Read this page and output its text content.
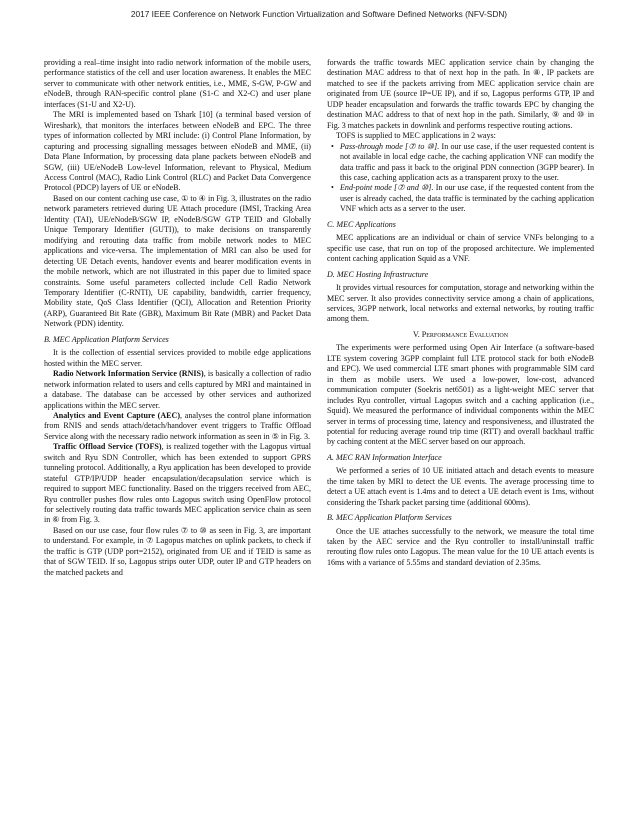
2017 IEEE Conference on Network Function Virtualization and Software Defined Networks (NFV-SDN)

providing a real–time insight into radio network information of the mobile users, performance statistics of the cell and user location awareness. It enables the MEC server to communicate with other network entities, i.e., MME, S-GW, P-GW and eNodeB, through RAN-specific control plane (S1-C and X2-C) and user plane interfaces (S1-U and X2-U).

The MRI is implemented based on Tshark [10] (a terminal based version of Wireshark), that monitors the interfaces between eNodeB and EPC. The three types of information collected by MRI include: (i) Control Plane Information, by capturing and processing signalling messages between eNodeB and MME, (ii) Data Plane Information, by processing data plane packets between eNodeB and SGW, (iii) UE/eNodeB Low-level Information, relevant to Physical, Medium Access Control (MAC), Radio Link Control (RLC) and Packet Data Convergence Protocol (PDCP) layers of UE or eNodeB.

Based on our content caching use case, ① to ④ in Fig. 3, illustrates on the radio network parameters retrieved during UE Attach procedure (IMSI, Tracking Area Identity (TAI), UE/eNodeB/SGW IP, eNodeB/SGW GTP TEID and Globally Unique Temporary Identifier (GUTI)), to make decisions on transparently modifying and rerouting data traffic from mobile network nodes to MEC applications and vice-versa. The implementation of MRI can also be used for detecting UE Detach events, handover events and bearer modification events in the mobile network, which are not illustrated in this paper due to limited space constraints. Some useful parameters collected include Cell Radio Network Temporary Identifier (C-RNTI), UE capability, bandwidth, carrier frequency, Mobility state, QoS Class Identifier (QCI), Allocation and Retention Priority (ARP), Guaranteed Bit Rate (GBR), Maximum Bit Rate (MBR) and Packet Data Network (PDN) identity.

B. MEC Application Platform Services

It is the collection of essential services provided to mobile edge applications hosted within the MEC server.

Radio Network Information Service (RNIS), is basically a collection of radio network information related to users and cells captured by MRI and maintained in a database. The database can be accessed by other services and authorized applications within the MEC server.

Analytics and Event Capture (AEC), analyses the control plane information from RNIS and sends attach/detach/handover event triggers to Traffic Offload Service along with the necessary radio network information as seen in ⑤ in Fig. 3.

Traffic Offload Service (TOFS), is realized together with the Lagopus virtual switch and Ryu SDN Controller, which has been extended to support GPRS tunneling protocol. Additionally, a Ryu application has been developed to provide stateful GTP/IP/UDP header encapsulation/decapsulation service which is required to support MEC functionality. Based on the triggers received from AEC, Ryu controller pushes flow rules onto Lagopus switch using OpenFlow protocol for selectively routing data traffic towards MEC application service chain as seen in ⑥ from Fig. 3.

Based on our use case, four flow rules ⑦ to ⑩ as seen in Fig. 3, are important to understand. For example, in ⑦ Lagopus matches on uplink packets, to check if the traffic is GTP (UDP port=2152), originated from UE and if TEID is same as that of SGW TEID. If so, Lagopus strips outer UDP, outer IP and GTP headers on the matched packets and

forwards the traffic towards MEC application service chain by changing the destination MAC address to that of next hop in the path. In ⑧, IP packets are matched to see if the packets arriving from MEC application service chain are originated from UE (source IP=UE IP), and if so, Lagopus performs GTP, IP and UDP header encapsulation and forwards the traffic towards EPC by changing the destination MAC address to that of next hop in the path. Similarly, ⑨ and ⑩ in Fig. 3 matches packets in downlink and performs respective routing actions.

TOFS is supplied to MEC applications in 2 ways:

• Pass-through mode [⑦ to ⑩]. In our use case, if the user requested content is not available in local edge cache, the caching application VNF can modify the data traffic and pass it back to the original PDN connection (3GPP bearer). In this case, caching application acts as a transparent proxy to the user.
• End-point mode [⑦ and ⑩]. In our use case, if the requested content from the user is already cached, the data traffic is terminated by the caching application VNF which acts as a server to the user.
C. MEC Applications

MEC applications are an individual or chain of service VNFs belonging to a specific use case, that run on top of the proposed architecture. We implemented content caching application Squid as a VNF.

D. MEC Hosting Infrastructure

It provides virtual resources for computation, storage and networking within the MEC server. It also provides connectivity service among a chain of applications, services, 3GPP network, local networks and external networks, by routing traffic among them.

V. Performance Evaluation

The experiments were performed using Open Air Interface (a software-based LTE system covering 3GPP complaint full LTE protocol stack for both eNodeB and EPC). We used commercial LTE smart phones with programmable SIM card in them as mobile users. We used a low-power, low-cost, advanced communication computer (Soekris net6501) as a light-weight MEC server that includes Ryu controller, virtual Lagopus switch and a caching application (i.e., Squid). We measured the performance of individual components within the MEC server in terms of processing time, latency and responsiveness, and illustrated the potential for reducing average round trip time (RTT) and overall backhaul traffic by caching content at the MEC server based on our approach.

A. MEC RAN Information Interface

We performed a series of 10 UE initiated attach and detach events to measure the time taken by MRI to detect the UE events. The average processing time to detect a UE attach event is 1.4ms and to detect a UE detach event is 1ms, without considering the Tshark packet parsing time (additional 600ms).

B. MEC Application Platform Services

Once the UE attaches successfully to the network, we measure the total time taken by the AEC service and the Ryu controller to install/uninstall traffic rerouting flow rules onto Lagopus. The mean value for the 10 UE attach events is 16ms with a variance of 5.55ms and standard deviation of 2.35ms.
